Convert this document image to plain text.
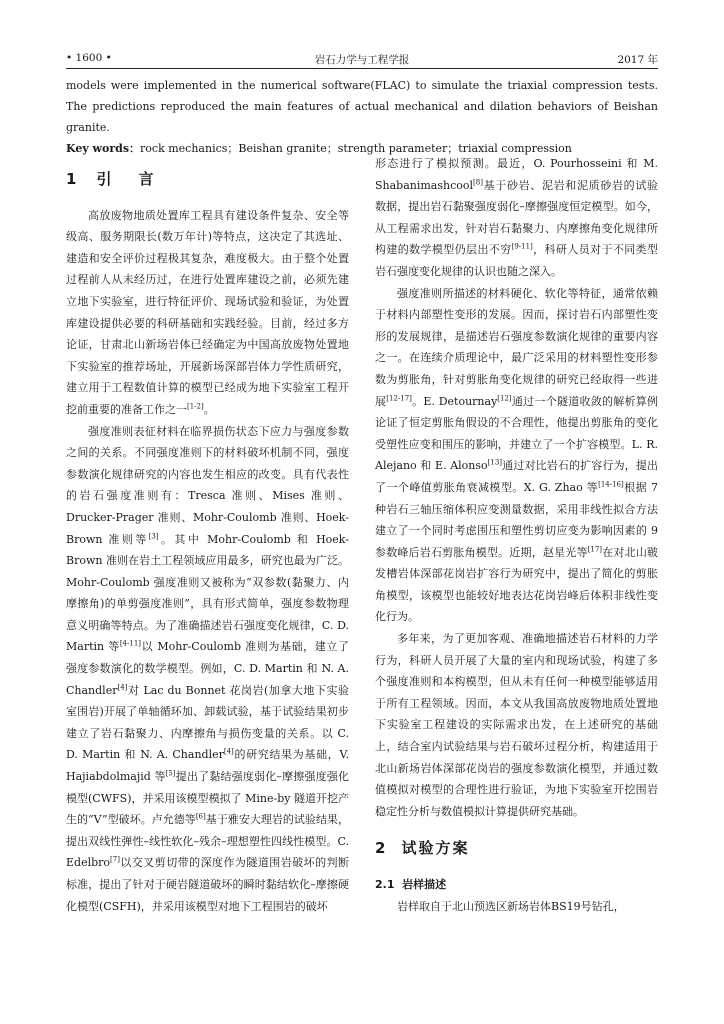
• 1600 •	岩石力学与工程学报	2017 年

models were implemented in the numerical software(FLAC) to simulate the triaxial compression tests. The predictions reproduced the main features of actual mechanical and dilation behaviors of Beishan granite.

Key words：rock mechanics；Beishan granite；strength parameter；triaxial compression

1 引　言

高放废物地质处置库工程具有建设条件复杂、安全等级高、服务期限长(数万年计)等特点，这决定了其选址、建造和安全评价过程极其复杂，难度极大。由于整个处置过程前人从未经历过，在进行处置库建设之前，必须先建立地下实验室，进行特征评价、现场试验和验证，为处置库建设提供必要的科研基础和实践经验。目前，经过多方论证，甘肃北山新场岩体已经确定为中国高放废物处置地下实验室的推荐场址，开展新场深部岩体力学性质研究，建立用于工程数值计算的模型已经成为地下实验室工程开挖前重要的准备工作之一[1-2]。

强度准则表征材料在临界损伤状态下应力与强度参数之间的关系。不同强度准则下的材料破坏机制不同，强度参数演化规律研究的内容也发生相应的改变。具有代表性的岩石强度准则有：Tresca 准则、Mises 准则、Drucker-Prager 准则、Mohr-Coulomb 准则、Hoek-Brown 准则等[3]。其中 Mohr-Coulomb 和 Hoek-Brown 准则在岩土工程领域应用最多，研究也最为广泛。Mohr-Coulomb 强度准则又被称为“双参数(黏聚力、内摩擦角)的单剪强度准则”，具有形式简单，强度参数物理意义明确等特点。为了准确描述岩石强度变化规律，C. D. Martin 等[4-11]以 Mohr-Coulomb 准则为基础，建立了强度参数演化的数学模型。例如，C. D. Martin 和 N. A. Chandler[4]对 Lac du Bonnet 花岗岩(加拿大地下实验室围岩)开展了单轴循环加、卸载试验，基于试验结果初步建立了岩石黏聚力、内摩擦角与损伤变量的关系。以 C. D. Martin 和 N. A. Chandler[4]的研究结果为基础，V. Hajiabdolmajid 等[5]提出了黏结强度弱化–摩擦强度强化模型(CWFS)，并采用该模型模拟了 Mine-by 隧道开挖产生的“V”型破坏。卢允德等[6]基于雅安大理岩的试验结果，提出双线性弹性–线性软化–残余–理想塑性四线性模型。C. Edelbro[7]以交叉剪切带的深度作为隧道围岩破坏的判断标准，提出了针对于硬岩隧道破坏的瞬时黏结软化–摩擦硬化模型(CSFH)，并采用该模型对地下工程围岩的破坏

形态进行了模拟预测。最近，O. Pourhosseini 和 M. Shabanimashcool[8]基于砂岩、泥岩和泥质砂岩的试验数据，提出岩石黏聚强度弱化–摩擦强度恒定模型。如今，从工程需求出发，针对岩石黏聚力、内摩擦角变化规律所构建的数学模型仍层出不穷[9-11]，科研人员对于不同类型岩石强度变化规律的认识也随之深入。

强度准则所描述的材料硬化、软化等特征，通常依赖于材料内部塑性变形的发展。因而，探讨岩石内部塑性变形的发展规律，是描述岩石强度参数演化规律的重要内容之一。在连续介质理论中，最广泛采用的材料塑性变形参数为剪胀角，针对剪胀角变化规律的研究已经取得一些进展[12-17]。E. Detournay[12]通过一个隧道收敛的解析算例论证了恒定剪胀角假设的不合理性，他提出剪胀角的变化受塑性应变和围压的影响，并建立了一个扩容模型。L. R. Alejano 和 E. Alonso[13]通过对比岩石的扩容行为，提出了一个峰值剪胀角衰减模型。X. G. Zhao 等[14-16]根据 7 种岩石三轴压缩体积应变测量数据，采用非线性拟合方法建立了一个同时考虑围压和塑性剪切应变为影响因素的 9 参数峰后岩石剪胀角模型。近期，赵星光等[17]在对北山皲发槽岩体深部花岗岩扩容行为研究中，提出了简化的剪胀角模型，该模型也能较好地表达花岗岩峰后体积非线性变化行为。

多年来，为了更加客观、准确地描述岩石材料的力学行为，科研人员开展了大量的室内和现场试验，构建了多个强度准则和本构模型，但从未有任何一种模型能够适用于所有工程领域。因而，本文从我国高放废物地质处置地下实验室工程建设的实际需求出发，在上述研究的基础上，结合室内试验结果与岩石破坏过程分析，构建适用于北山新场岩体深部花岗岩的强度参数演化模型，并通过数值模拟对模型的合理性进行验证，为地下实验室开挖围岩稳定性分析与数值模拟计算提供研究基础。

2 试验方案
2.1 岩样描述

岩样取自于北山预选区新场岩体BS19号钻孔，
